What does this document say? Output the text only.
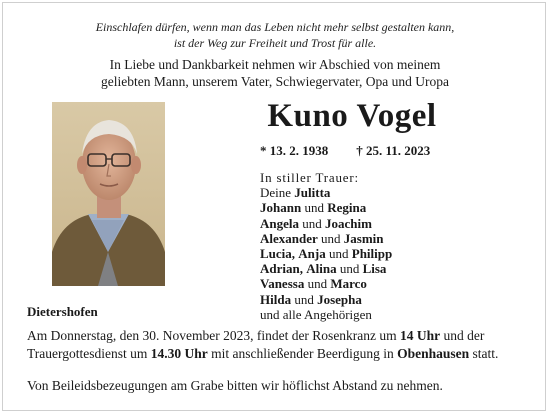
Einschlafen dürfen, wenn man das Leben nicht mehr selbst gestalten kann,
ist der Weg zur Freiheit und Trost für alle.
In Liebe und Dankbarkeit nehmen wir Abschied von meinem
geliebten Mann, unserem Vater, Schwiegervater, Opa und Uropa
Kuno Vogel
* 13. 2. 1938 † 25. 11. 2023
In stiller Trauer:
Deine Julitta
Johann und Regina
Angela und Joachim
Alexander und Jasmin
Lucia, Anja und Philipp
Adrian, Alina und Lisa
Vanessa und Marco
Hilda und Josepha
und alle Angehörigen
Dietershofen
Am Donnerstag, den 30. November 2023, findet der Rosenkranz um 14 Uhr und der Trauergottesdienst um 14.30 Uhr mit anschließender Beerdigung in Obenhausen statt.
Von Beileidsbezeugungen am Grabe bitten wir höflichst Abstand zu nehmen.
